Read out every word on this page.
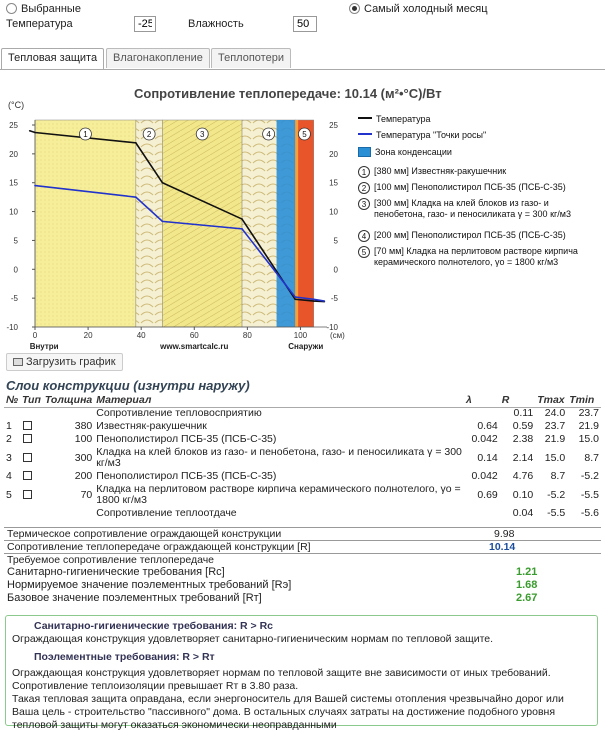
Выбранные	Самый холодный месяц
Температура
-25	Влажность
50
Тепловая защита	Влагонакопление	Теплопотери
Сопротивление теплопередаче: 10.14 (м²•°C)/Вт
1	2	3	4	5
25	25
20	20
15	15
10	10
5	5
0	0
-5	-5
-10	-10
0	20	40	60	80	100
(°C)
(см)
Внутри	www.smartcalc.ru	Снаружи
Температура
Температура "Точки росы"
Зона конденсации
1 [380 мм] Известняк-ракушечник
2 [100 мм] Пенополистирол ПСБ-35 (ПСБ-С-35)
3 [300 мм] Кладка на клей блоков из газо- и
пенобетона, газо- и пеносиликата γ = 300 кг/м3
4 [200 мм] Пенополистирол ПСБ-35 (ПСБ-С-35)
5 [70 мм] Кладка на перлитовом растворе кирпича
керамического полнотелого, γо = 1800 кг/м3
Загрузить график
Слои конструкции (изнутри наружу)
№	Тип	Толщина	Материал	λ	R	Tmax	Tmin
			Сопротивление тепловосприятию		0.11	24.0	23.7
1		380	Известняк-ракушечник	0.64	0.59	23.7	21.9
2		100	Пенополистирол ПСБ-35 (ПСБ-С-35)	0.042	2.38	21.9	15.0
3		300	Кладка на клей блоков из газо- и пенобетона, газо- и пеносиликата γ = 300 кг/м3	0.14	2.14	15.0	8.7
4		200	Пенополистирол ПСБ-35 (ПСБ-С-35)	0.042	4.76	8.7	-5.2
5		70	Кладка на перлитовом растворе кирпича керамического полнотелого, γо = 1800 кг/м3	0.69	0.10	-5.2	-5.5
			Сопротивление теплоотдаче		0.04	-5.5	-5.6
Термическое сопротивление ограждающей конструкции	9.98
Сопротивление теплопередаче ограждающей конструкции [R]	10.14
Требуемое сопротивление теплопередаче
Санитарно-гигиенические требования [Rc]	1.21
Нормируемое значение поэлементных требований [Rэ]	1.68
Базовое значение поэлементных требований [Rт]	2.67
Санитарно-гигиенические требования: R > Rc
Ограждающая конструкция удовлетворяет санитарно-гигиеническим нормам по тепловой защите.
Поэлементные требования: R > Rт
Ограждающая конструкция удовлетворяет нормам по тепловой защите вне зависимости от иных требований.
Сопротивление теплоизоляции превышает Rт в 3.80 раза.
Такая тепловая защита оправдана, если энергоноситель для Вашей системы отопления чрезвычайно дорог или Ваша цель - строительство "пассивного" дома. В остальных случаях затраты на достижение подобного уровня тепловой защиты могут оказаться экономически неоправданными
